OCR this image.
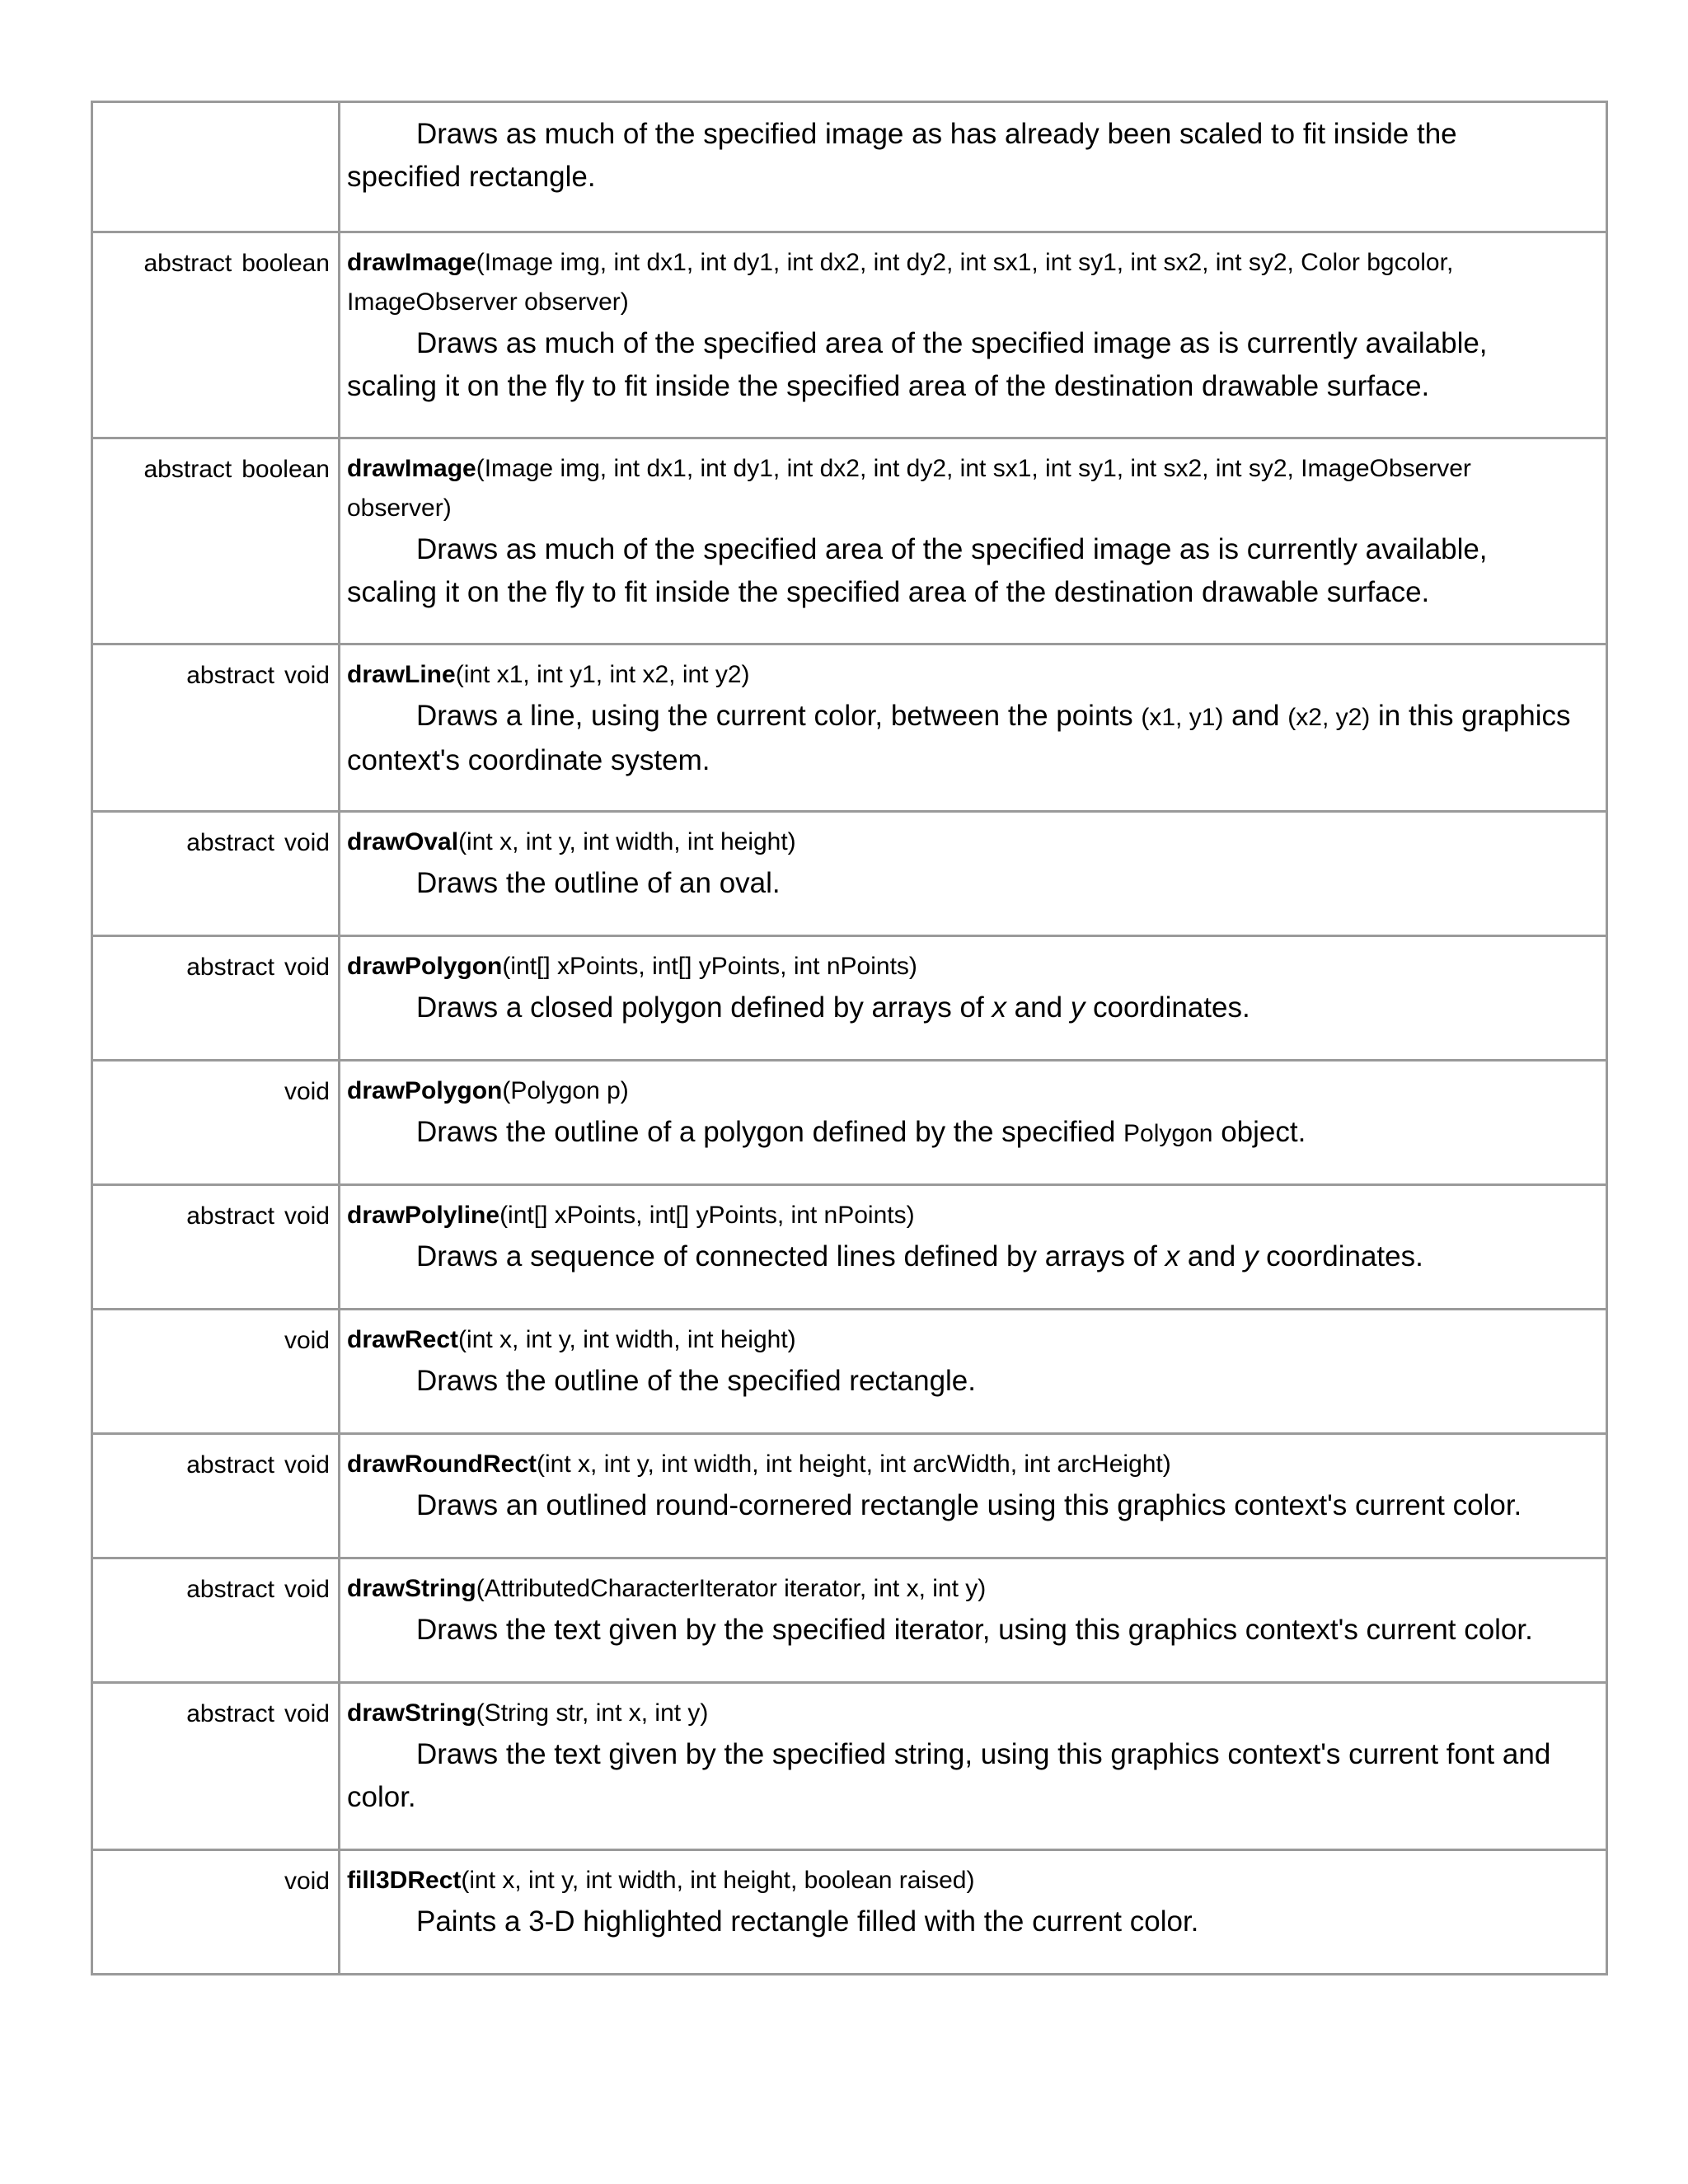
	Draws as much of the specified image as has already been scaled to fit inside the specified rectangle.

abstract boolean	drawImage(Image img, int dx1, int dy1, int dx2, int dy2, int sx1, int sy1, int sx2, int sy2, Color bgcolor, ImageObserver observer)
Draws as much of the specified area of the specified image as is currently available, scaling it on the fly to fit inside the specified area of the destination drawable surface.

abstract boolean	drawImage(Image img, int dx1, int dy1, int dx2, int dy2, int sx1, int sy1, int sx2, int sy2, ImageObserver observer)
Draws as much of the specified area of the specified image as is currently available, scaling it on the fly to fit inside the specified area of the destination drawable surface.

abstract void	drawLine(int x1, int y1, int x2, int y2)
Draws a line, using the current color, between the points (x1, y1) and (x2, y2) in this graphics context's coordinate system.

abstract void	drawOval(int x, int y, int width, int height)
Draws the outline of an oval.

abstract void	drawPolygon(int[] xPoints, int[] yPoints, int nPoints)
Draws a closed polygon defined by arrays of x and y coordinates.

void	drawPolygon(Polygon p)
Draws the outline of a polygon defined by the specified Polygon object.

abstract void	drawPolyline(int[] xPoints, int[] yPoints, int nPoints)
Draws a sequence of connected lines defined by arrays of x and y coordinates.

void	drawRect(int x, int y, int width, int height)
Draws the outline of the specified rectangle.

abstract void	drawRoundRect(int x, int y, int width, int height, int arcWidth, int arcHeight)
Draws an outlined round-cornered rectangle using this graphics context's current color.

abstract void	drawString(AttributedCharacterIterator iterator, int x, int y)
Draws the text given by the specified iterator, using this graphics context's current color.

abstract void	drawString(String str, int x, int y)
Draws the text given by the specified string, using this graphics context's current font and color.

void	fill3DRect(int x, int y, int width, int height, boolean raised)
Paints a 3-D highlighted rectangle filled with the current color.
